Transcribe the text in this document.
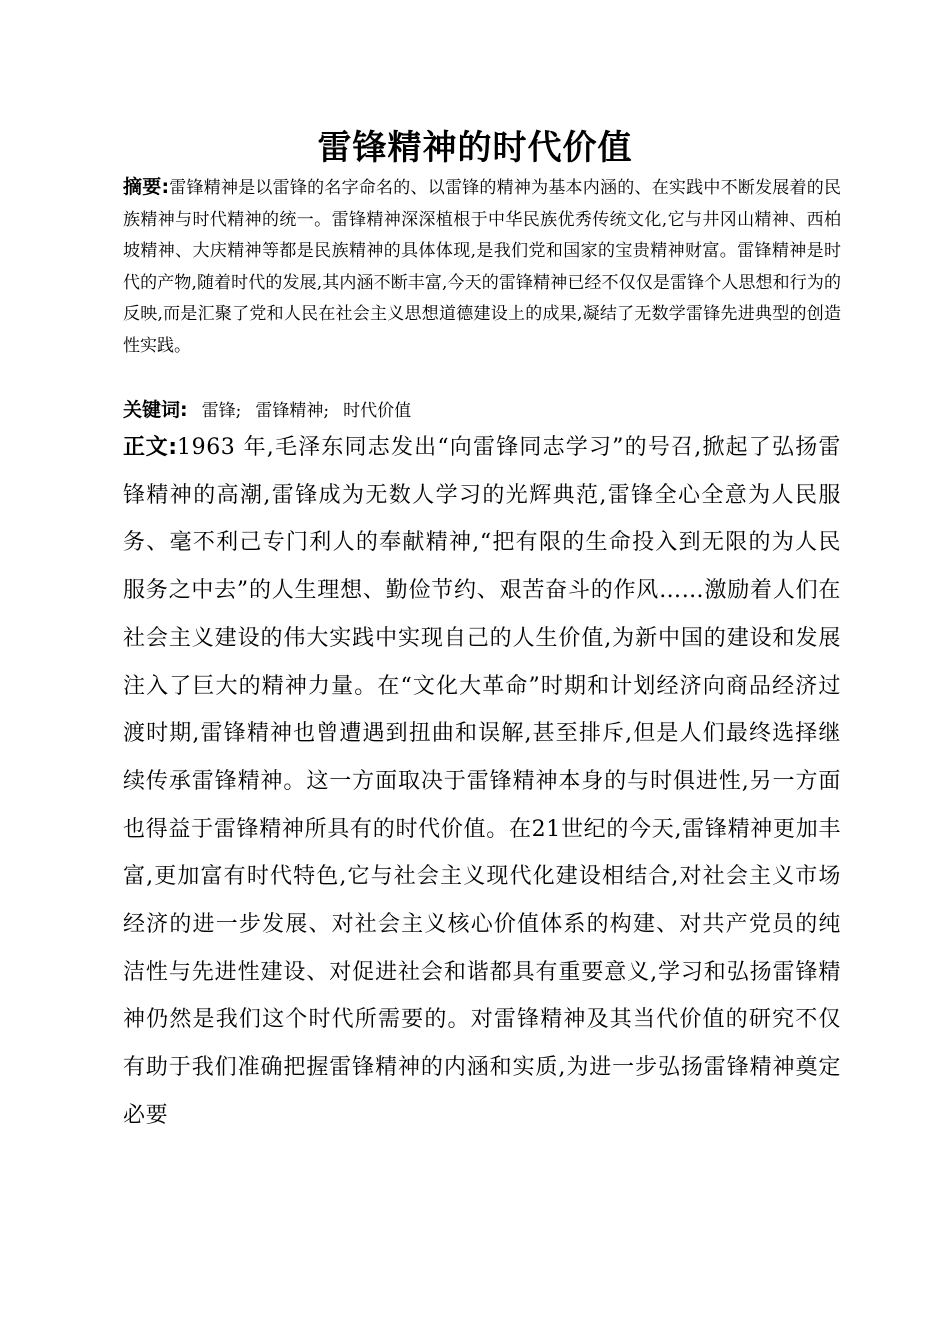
雷锋精神的时代价值

摘要:雷锋精神是以雷锋的名字命名的、以雷锋的精神为基本内涵的、在实践中不断发展着的民族精神与时代精神的统一。雷锋精神深深植根于中华民族优秀传统文化,它与井冈山精神、西柏坡精神、大庆精神等都是民族精神的具体体现,是我们党和国家的宝贵精神财富。雷锋精神是时代的产物,随着时代的发展,其内涵不断丰富,今天的雷锋精神已经不仅仅是雷锋个人思想和行为的反映,而是汇聚了党和人民在社会主义思想道德建设上的成果,凝结了无数学雷锋先进典型的创造性实践。

关键词: 雷锋; 雷锋精神; 时代价值

正文:1963 年,毛泽东同志发出“向雷锋同志学习”的号召,掀起了弘扬雷锋精神的高潮,雷锋成为无数人学习的光辉典范,雷锋全心全意为人民服务、毫不利己专门利人的奉献精神,“把有限的生命投入到无限的为人民服务之中去”的人生理想、勤俭节约、艰苦奋斗的作风……激励着人们在社会主义建设的伟大实践中实现自己的人生价值,为新中国的建设和发展注入了巨大的精神力量。在“文化大革命”时期和计划经济向商品经济过渡时期,雷锋精神也曾遭遇到扭曲和误解,甚至排斥,但是人们最终选择继续传承雷锋精神。这一方面取决于雷锋精神本身的与时俱进性,另一方面也得益于雷锋精神所具有的时代价值。在21世纪的今天,雷锋精神更加丰富,更加富有时代特色,它与社会主义现代化建设相结合,对社会主义市场经济的进一步发展、对社会主义核心价值体系的构建、对共产党员的纯洁性与先进性建设、对促进社会和谐都具有重要意义,学习和弘扬雷锋精神仍然是我们这个时代所需要的。对雷锋精神及其当代价值的研究不仅有助于我们准确把握雷锋精神的内涵和实质,为进一步弘扬雷锋精神奠定必要
